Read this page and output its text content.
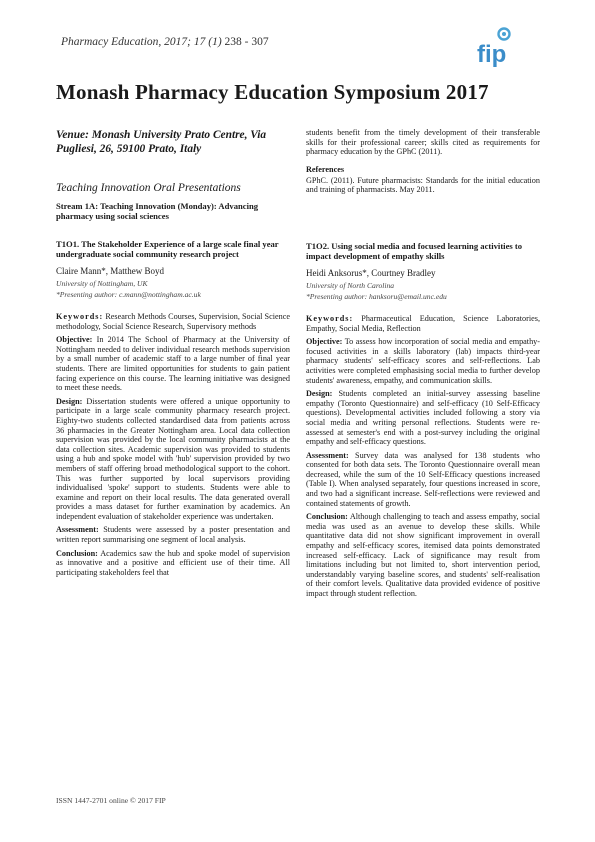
Pharmacy Education, 2017; 17 (1) 238 - 307	fip
Monash Pharmacy Education Symposium 2017

Venue: Monash University Prato Centre, Via Pugliesi, 26, 59100 Prato, Italy

Teaching Innovation Oral Presentations

Stream 1A: Teaching Innovation (Monday): Advancing pharmacy using social sciences

T1O1. The Stakeholder Experience of a large scale final year undergraduate social community research project

Claire Mann*, Matthew Boyd

University of Nottingham, UK

*Presenting author: c.mann@nottingham.ac.uk

Keywords: Research Methods Courses, Supervision, Social Science methodology, Social Science Research, Supervisory methods

Objective: In 2014 The School of Pharmacy at the University of Nottingham needed to deliver individual research methods supervision by a small number of academic staff to a large number of final year students. There are limited opportunities for students to gain patient facing experience on this course. The learning initiative was designed to meet these needs.

Design: Dissertation students were offered a unique opportunity to participate in a large scale community pharmacy research project. Eighty-two students collected standardised data from patients across 36 pharmacies in the Greater Nottingham area. Local data collection supervision was provided by the local community pharmacists at the data collection sites. Academic supervision was provided to students using a hub and spoke model with 'hub' supervision provided by two members of staff offering broad methodological support to the cohort. This was further supported by local supervisors providing individualised 'spoke' support to students. Students were able to examine and report on their local results. The data generated overall provides a mass dataset for further examination by academics. An independent evaluation of stakeholder experience was undertaken.

Assessment: Students were assessed by a poster presentation and written report summarising one segment of local analysis.

Conclusion: Academics saw the hub and spoke model of supervision as innovative and a positive and efficient use of their time. All participating stakeholders feel that

students benefit from the timely development of their transferable skills for their professional career; skills cited as requirements for pharmacy education by the GPhC (2011).

References

GPhC. (2011). Future pharmacists: Standards for the initial education and training of pharmacists. May 2011.

T1O2. Using social media and focused learning activities to impact development of empathy skills

Heidi Anksorus*, Courtney Bradley

University of North Carolina

*Presenting author: hanksoru@email.unc.edu

Keywords: Pharmaceutical Education, Science Laboratories, Empathy, Social Media, Reflection

Objective: To assess how incorporation of social media and empathy-focused activities in a skills laboratory (lab) impacts third-year pharmacy students' self-efficacy scores and self-reflections. Lab activities were completed emphasising social media to further develop students' awareness, empathy, and communication skills.

Design: Students completed an initial-survey assessing baseline empathy (Toronto Questionnaire) and self-efficacy (10 Self-Efficacy questions). Developmental activities included following a story via social media and writing personal reflections. Students were re-assessed at semester's end with a post-survey including the original empathy and self-efficacy questions.

Assessment: Survey data was analysed for 138 students who consented for both data sets. The Toronto Questionnaire overall mean decreased, while the sum of the 10 Self-Efficacy questions increased (Table I). When analysed separately, four questions increased in score, and two had a significant increase. Self-reflections were reviewed and contained statements of growth.

Conclusion: Although challenging to teach and assess empathy, social media was used as an avenue to develop these skills. While quantitative data did not show significant improvement in overall empathy and self-efficacy scores, itemised data points demonstrated increased self-efficacy. Lack of significance may result from limitations including but not limited to, short intervention period, understandably varying baseline scores, and students' self-realisation of their comfort levels. Qualitative data provided evidence of positive impact through student reflection.

ISSN 1447-2701 online © 2017 FIP
